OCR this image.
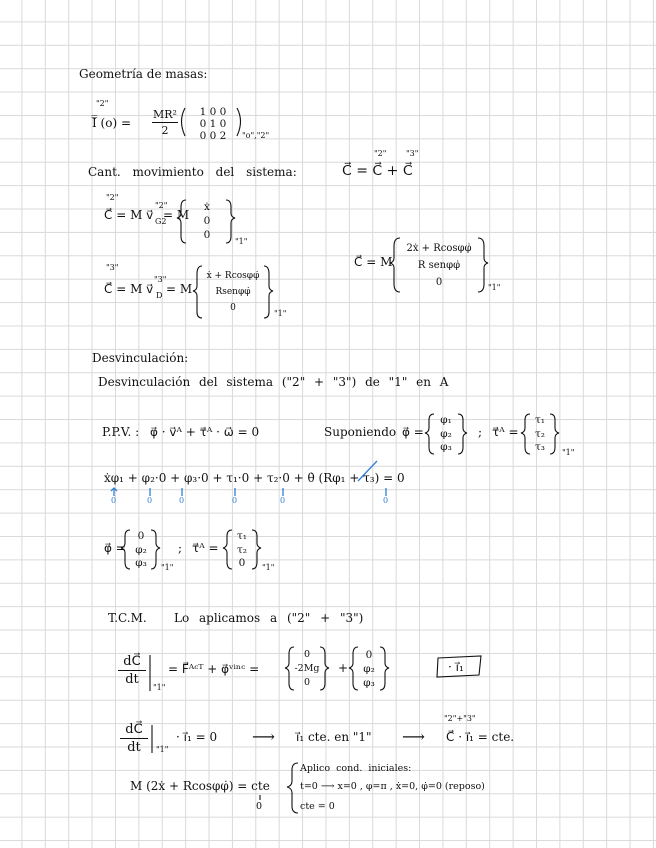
Geometría de masas:
"2"
I̿ (o) =
MR²
2
1 0 0
0 1 0
0 0 2	"o","2"
Cant. movimiento del sistema:
"2" "3"
C⃗ = C⃗ + C⃗
"2"
C⃗ = M v⃗
"2"
G2
= M
ẋ
0
0
"1"
"3"
C⃗ = M v⃗
"3"
D = M
ẋ + Rcosφφ̇
Rsenφφ̇
0
"1"
C⃗ = M
2ẋ + Rcosφφ̇
R senφφ̇
0	"1"
Desvinculación:
Desvinculación del sistema ("2" + "3") de "1" en A
P.P.V. : φ⃗ · v⃗ᴬ + τ⃗ᴬ · ω⃗ = 0	Suponiendo φ⃗ =
φ₁
φ₂
φ₃
; τ⃗ᴬ =
τ₁
τ₂
τ₃	"1"
ẋφ₁ + φ₂·0 + φ₃·0 + τ₁·0 + τ₂·0 + θ̇ (Rφ₁ + τ₃) = 0
0	0	0	0	0	0
φ⃗ =
0
φ₂
φ₃	"1"
; τ⃗ᴬ =
τ₁
τ₂
0	"1"
T.C.M. Lo aplicamos a ("2" + "3")
dC⃗
dt
"1"
= F⃗ᴬᶜᵀ + φ⃗ᵛⁱⁿᶜ =
0
-2Mg
0
+
0
φ₂
φ₃
· i⃗₁
dC⃗
dt	"1"
· i⃗₁ = 0 ⟶ i⃗₁ cte. en "1" ⟶
"2"+"3"
C⃗ · i⃗₁ = cte.
M (2ẋ + Rcosφφ̇) = cte
0
Aplico cond. iniciales:
t=0 ⟶ x=0 , φ=π , ẋ=0, φ̇=0 (reposo)
cte = 0
